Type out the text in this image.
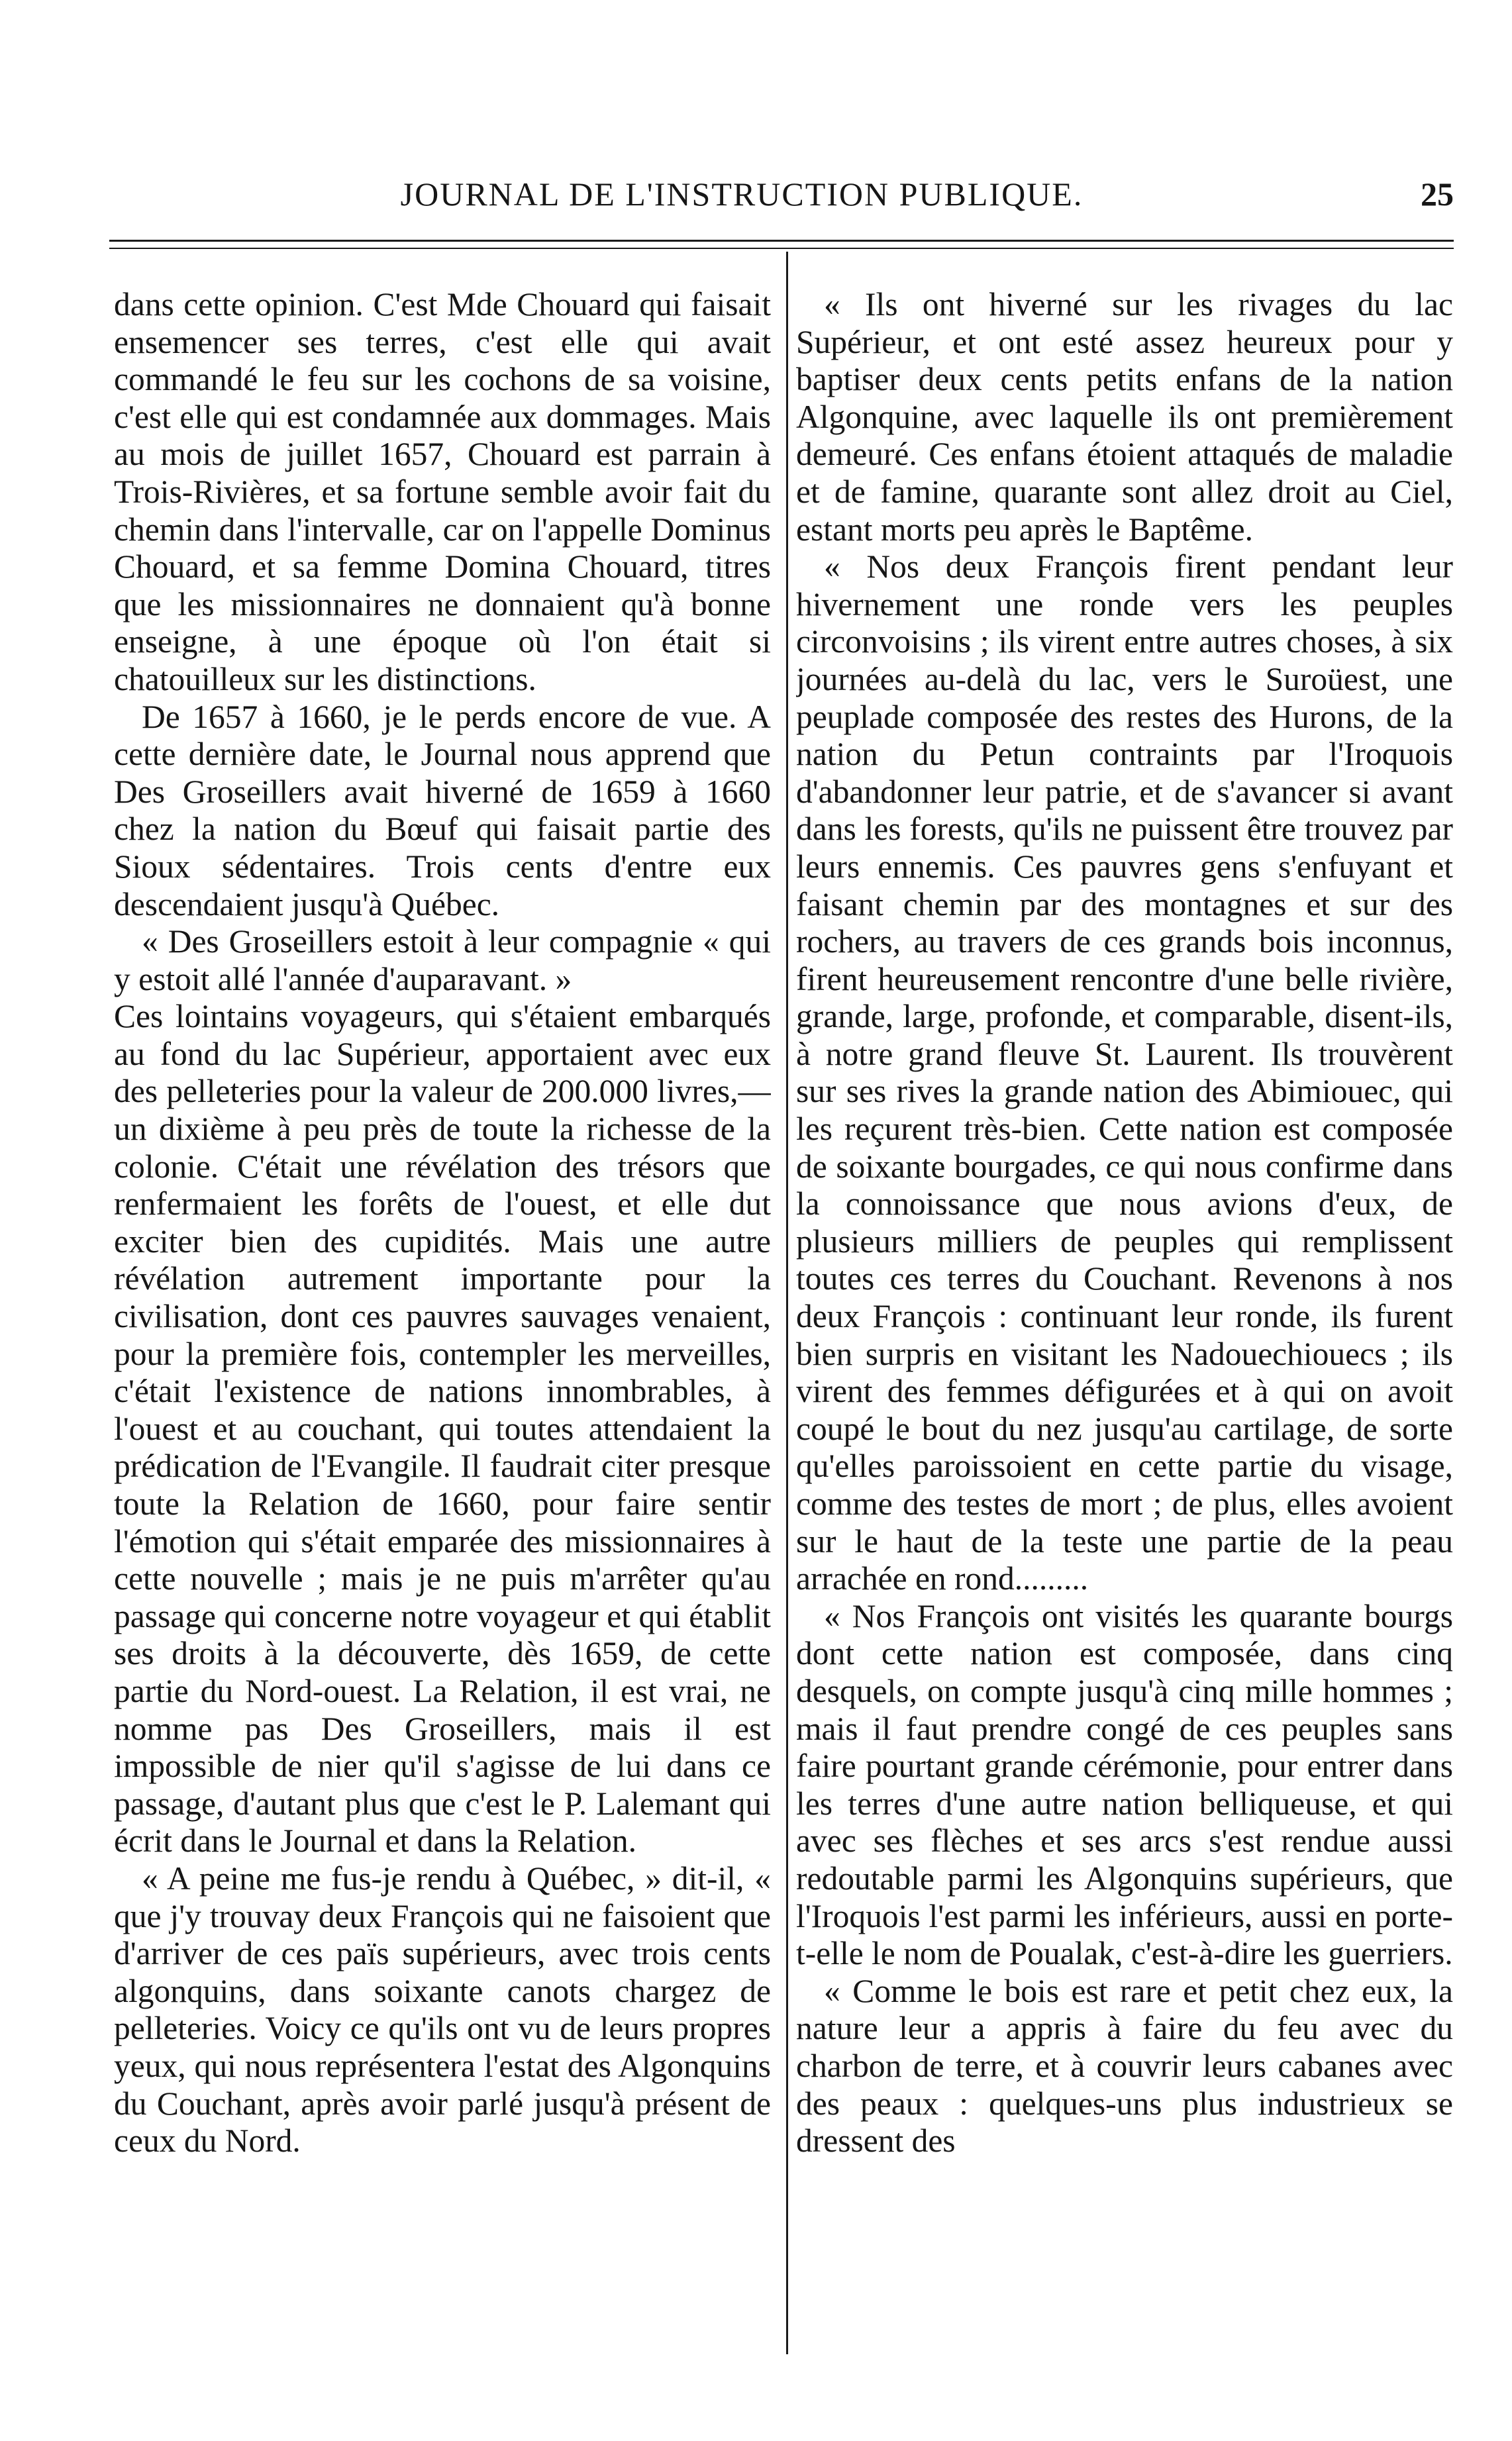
JOURNAL DE L'INSTRUCTION PUBLIQUE.	25

dans cette opinion. C'est Mde Chouard qui faisait ensemencer ses terres, c'est elle qui avait commandé le feu sur les cochons de sa voisine, c'est elle qui est condamnée aux dommages. Mais au mois de juillet 1657, Chouard est parrain à Trois-Rivières, et sa fortune semble avoir fait du chemin dans l'intervalle, car on l'appelle Dominus Chouard, et sa femme Domina Chouard, titres que les missionnaires ne donnaient qu'à bonne enseigne, à une époque où l'on était si chatouilleux sur les distinctions.

De 1657 à 1660, je le perds encore de vue. A cette dernière date, le Journal nous apprend que Des Groseillers avait hiverné de 1659 à 1660 chez la nation du Bœuf qui faisait partie des Sioux sédentaires. Trois cents d'entre eux descendaient jusqu'à Québec.

« Des Groseillers estoit à leur compagnie « qui y estoit allé l'année d'auparavant. »

Ces lointains voyageurs, qui s'étaient embarqués au fond du lac Supérieur, apportaient avec eux des pelleteries pour la valeur de 200.000 livres,—un dixième à peu près de toute la richesse de la colonie. C'était une révélation des trésors que renfermaient les forêts de l'ouest, et elle dut exciter bien des cupidités. Mais une autre révélation autrement importante pour la civilisation, dont ces pauvres sauvages venaient, pour la première fois, contempler les merveilles, c'était l'existence de nations innombrables, à l'ouest et au couchant, qui toutes attendaient la prédication de l'Evangile. Il faudrait citer presque toute la Relation de 1660, pour faire sentir l'émotion qui s'était emparée des missionnaires à cette nouvelle ; mais je ne puis m'arrêter qu'au passage qui concerne notre voyageur et qui établit ses droits à la découverte, dès 1659, de cette partie du Nord-ouest. La Relation, il est vrai, ne nomme pas Des Groseillers, mais il est impossible de nier qu'il s'agisse de lui dans ce passage, d'autant plus que c'est le P. Lalemant qui écrit dans le Journal et dans la Relation.

« A peine me fus-je rendu à Québec, » dit-il, « que j'y trouvay deux François qui ne faisoient que d'arriver de ces païs supérieurs, avec trois cents algonquins, dans soixante canots chargez de pelleteries. Voicy ce qu'ils ont vu de leurs propres yeux, qui nous représentera l'estat des Algonquins du Couchant, après avoir parlé jusqu'à présent de ceux du Nord.

« Ils ont hiverné sur les rivages du lac Supérieur, et ont esté assez heureux pour y baptiser deux cents petits enfans de la nation Algonquine, avec laquelle ils ont premièrement demeuré. Ces enfans étoient attaqués de maladie et de famine, quarante sont allez droit au Ciel, estant morts peu après le Baptême.

« Nos deux François firent pendant leur hivernement une ronde vers les peuples circonvoisins ; ils virent entre autres choses, à six journées au-delà du lac, vers le Suroüest, une peuplade composée des restes des Hurons, de la nation du Petun contraints par l'Iroquois d'abandonner leur patrie, et de s'avancer si avant dans les forests, qu'ils ne puissent être trouvez par leurs ennemis. Ces pauvres gens s'enfuyant et faisant chemin par des montagnes et sur des rochers, au travers de ces grands bois inconnus, firent heureusement rencontre d'une belle rivière, grande, large, profonde, et comparable, disent-ils, à notre grand fleuve St. Laurent. Ils trouvèrent sur ses rives la grande nation des Abimiouec, qui les reçurent très-bien. Cette nation est composée de soixante bourgades, ce qui nous confirme dans la connoissance que nous avions d'eux, de plusieurs milliers de peuples qui remplissent toutes ces terres du Couchant. Revenons à nos deux François : continuant leur ronde, ils furent bien surpris en visitant les Nadouechiouecs ; ils virent des femmes défigurées et à qui on avoit coupé le bout du nez jusqu'au cartilage, de sorte qu'elles paroissoient en cette partie du visage, comme des testes de mort ; de plus, elles avoient sur le haut de la teste une partie de la peau arrachée en rond.........

« Nos François ont visités les quarante bourgs dont cette nation est composée, dans cinq desquels, on compte jusqu'à cinq mille hommes ; mais il faut prendre congé de ces peuples sans faire pourtant grande cérémonie, pour entrer dans les terres d'une autre nation belliqueuse, et qui avec ses flèches et ses arcs s'est rendue aussi redoutable parmi les Algonquins supérieurs, que l'Iroquois l'est parmi les inférieurs, aussi en porte-t-elle le nom de Poualak, c'est-à-dire les guerriers.

« Comme le bois est rare et petit chez eux, la nature leur a appris à faire du feu avec du charbon de terre, et à couvrir leurs cabanes avec des peaux : quelques-uns plus industrieux se dressent des
